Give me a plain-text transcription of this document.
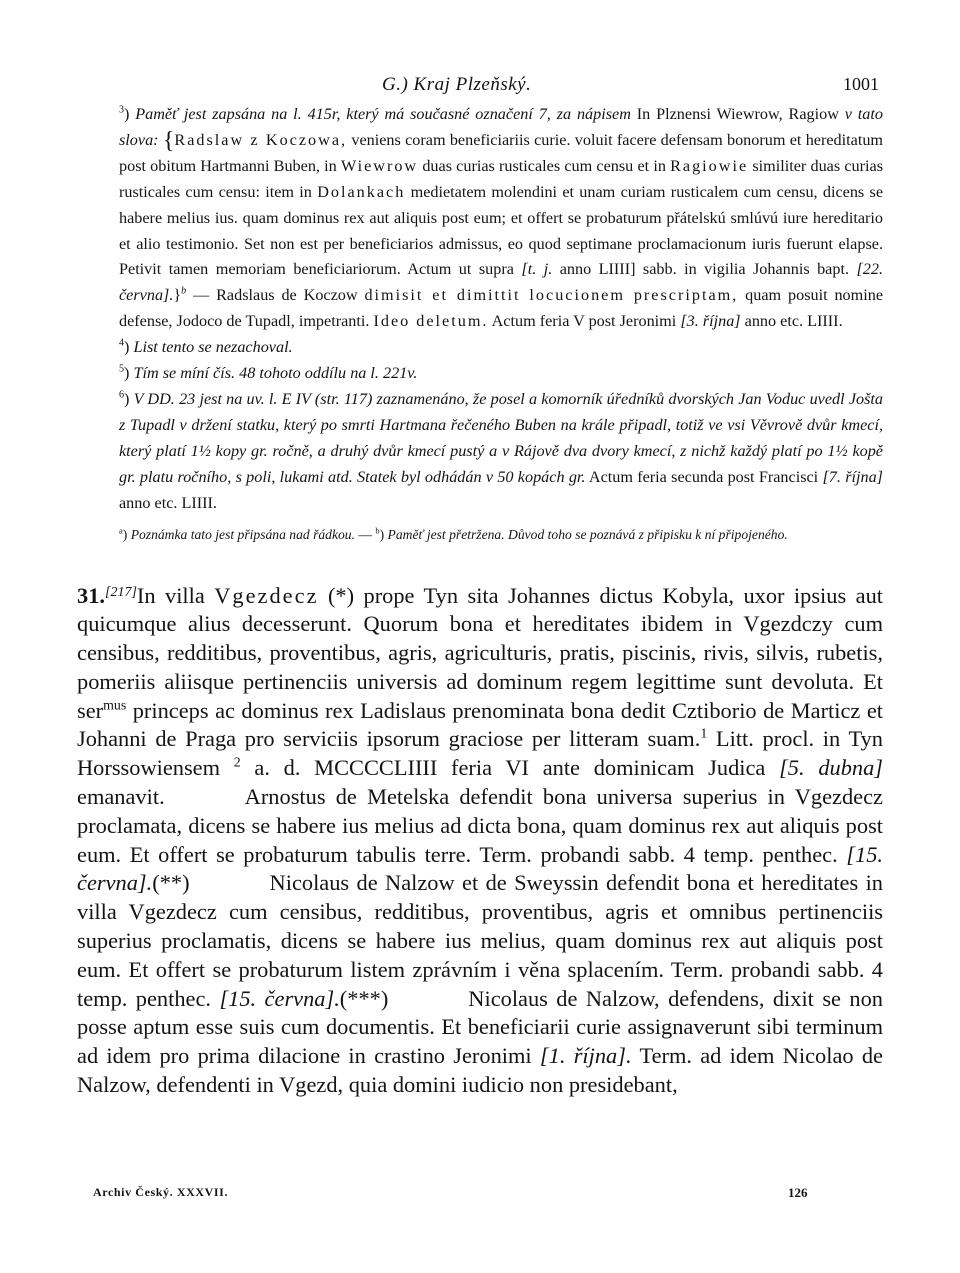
G.) Kraj Plzeňský.	1001
$^3$) Paměť jest zapsána na l. 415r, který má současné označení 7, za nápisem In Plznensi Wiewrow, Ragiow v tato slova: {Radslaw z Koczowa, veniens coram beneficiariis curie. voluit facere defensam bonorum et hereditatum post obitum Hartmanni Buben, in Wiewrow duas curias rusticales cum censu et in Ragiowie similiter duas curias rusticales cum censu: item in Dolankach medietatem molendini et unam curiam rusticalem cum censu, dicens se habere melius ius. quam dominus rex aut aliquis post eum; et offert se probaturum přátelskú smlúvú iure hereditario et alio testimonio. Set non est per beneficiarios admissus, eo quod septimane proclamacionum iuris fuerunt elapse. Petivit tamen memoriam beneficiariorum. Actum ut supra [t. j. anno LIIII] sabb. in vigilia Johannis bapt. [22. června].}$^b$ — Radslaus de Koczow dimisit et dimittit locucionem prescriptam, quam posuit nomine defense, Jodoco de Tupadl, impetranti. Ideo deletum. Actum feria V post Jeronimi [3. října] anno etc. LIIII.
$^4$) List tento se nezachoval.
$^5$) Tím se míní čís. 48 tohoto oddílu na l. 221v.
$^6$) V DD. 23 jest na uv. l. E IV (str. 117) zaznamenáno, že posel a komorník úředníků dvorských Jan Voduc uvedl Jošta z Tupadl v držení statku, který po smrti Hartmana řečeného Buben na krále připadl, totiž ve vsi Věvrově dvůr kmecí, který platí 1½ kopy gr. ročně, a druhý dvůr kmecí pustý a v Rájově dva dvory kmecí, z nichž každý platí po 1½ kopě gr. platu ročního, s poli, lukami atd. Statek byl odhádán v 50 kopách gr. Actum feria secunda post Francisci [7. října] anno etc. LIIII.
$^a$) Poznámka tato jest připsána nad řádkou. — $^b$) Paměť jest přetržena. Důvod toho se poznává z připisku k ní připojeného.
31.[217]In villa Vgezdecz (*) prope Tyn sita Johannes dictus Kobyla, uxor ipsius aut quicumque alius decesserunt. Quorum bona et hereditates ibidem in Vgezdczy cum censibus, redditibus, proventibus, agris, agriculturis, pratis, piscinis, rivis, silvis, rubetis, pomeriis aliisque pertinenciis universis ad dominum regem legittime sunt devoluta. Et ser$^{mus}$ princeps ac dominus rex Ladislaus prenominata bona dedit Cztiborio de Marticz et Johanni de Praga pro serviciis ipsorum graciose per litteram suam.$^1$ Litt. procl. in Tyn Horssowiensem $^2$ a. d. MCCCCLIIII feria VI ante dominicam Judica [5. dubna] emanavit.	Arnostus de Metelska defendit bona universa superius in Vgezdecz proclamata, dicens se habere ius melius ad dicta bona, quam dominus rex aut aliquis post eum. Et offert se probaturum tabulis terre. Term. probandi sabb. 4 temp. penthec. [15. června].(**)	Nicolaus de Nalzow et de Sweyssin defendit bona et hereditates in villa Vgezdecz cum censibus, redditibus, proventibus, agris et omnibus pertinenciis superius proclamatis, dicens se habere ius melius, quam dominus rex aut aliquis post eum. Et offert se probaturum listem zprávním i věna splacením. Term. probandi sabb. 4 temp. penthec. [15. června].(***)	Nicolaus de Nalzow, defendens, dixit se non posse aptum esse suis cum documentis. Et beneficiarii curie assignaverunt sibi terminum ad idem pro prima dilacione in crastino Jeronimi [1. října]. Term. ad idem Nicolao de Nalzow, defendenti in Vgezd, quia domini iudicio non presidebant,
Archiv Český. XXXVII.	126
